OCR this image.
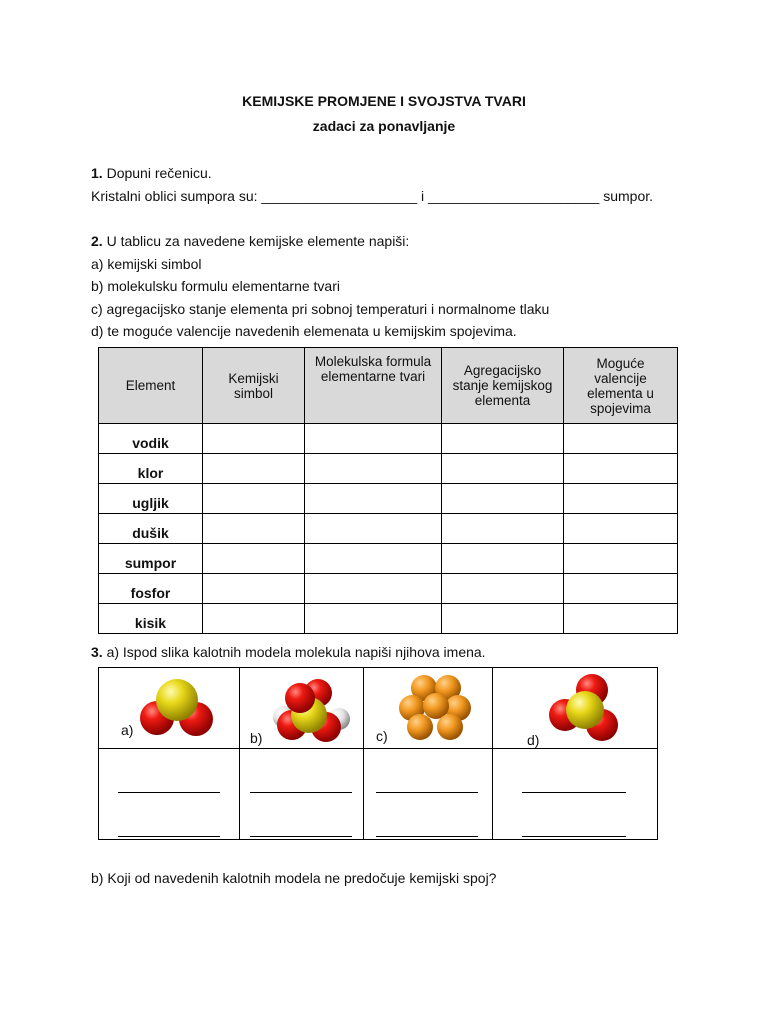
KEMIJSKE PROMJENE I SVOJSTVA TVARI
zadaci za ponavljanje
1. Dopuni rečenicu.
Kristalni oblici sumpora su: ____________________ i ______________________ sumpor.
2. U tablicu za navedene kemijske elemente napiši:
a) kemijski simbol
b) molekulsku formulu elementarne tvari
c) agregacijsko stanje elementa pri sobnoj temperaturi i normalnome tlaku
d) te moguće valencije navedenih elemenata u kemijskim spojevima.
Element	Kemijski simbol	Molekulska formula elementarne tvari	Agregacijsko stanje kemijskog elementa	Moguće valencije elementa u spojevima
vodik				
klor				
ugljik				
dušik				
sumpor				
fosfor				
kisik				
3. a) Ispod slika kalotnih modela molekula napiši njihova imena.
a)	b)	c)	d)

b) Koji od navedenih kalotnih modela ne predočuje kemijski spoj?
